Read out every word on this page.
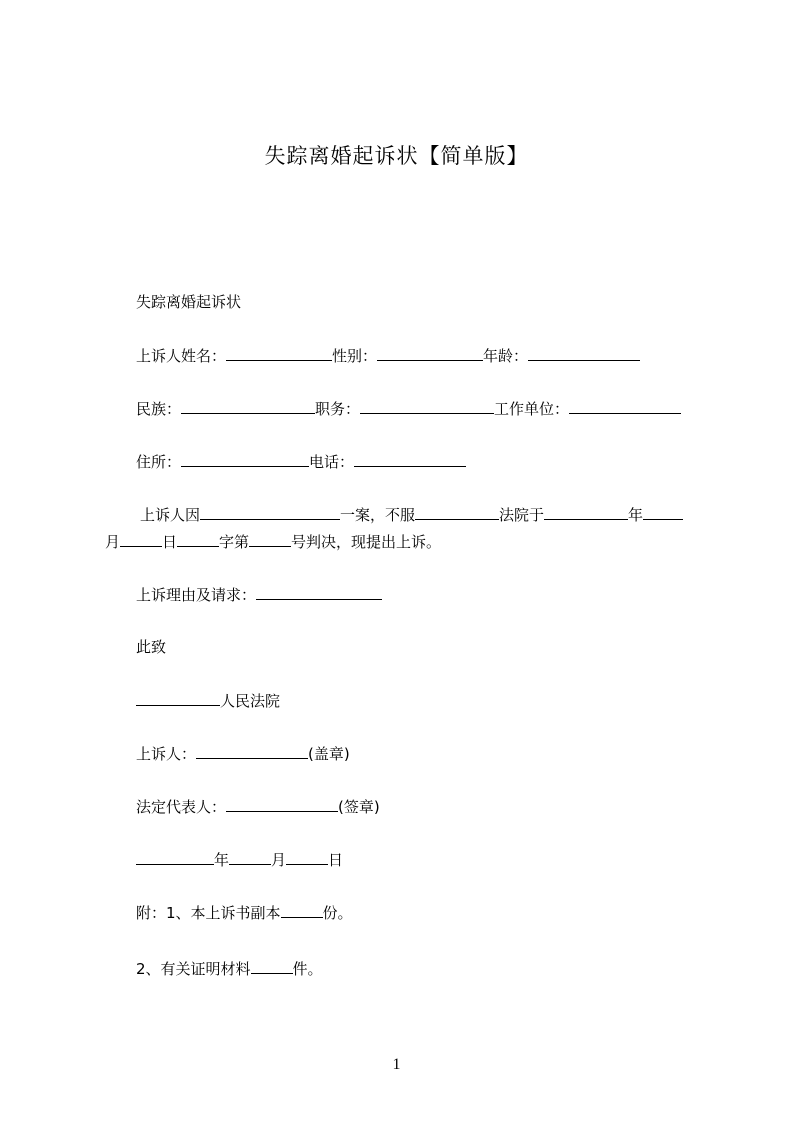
失踪离婚起诉状【简单版】
失踪离婚起诉状
上诉人姓名：	性别：	年龄：
民族：	职务：	工作单位：
住所：	电话：
上诉人因	一案，不服	法院于	年
月	日	字第	号判决，现提出上诉。
上诉理由及请求：
此致
人民法院
上诉人：	(盖章)
法定代表人：	(签章)
年	月	日
附：1、本上诉书副本	份。
2、有关证明材料	件。
1
